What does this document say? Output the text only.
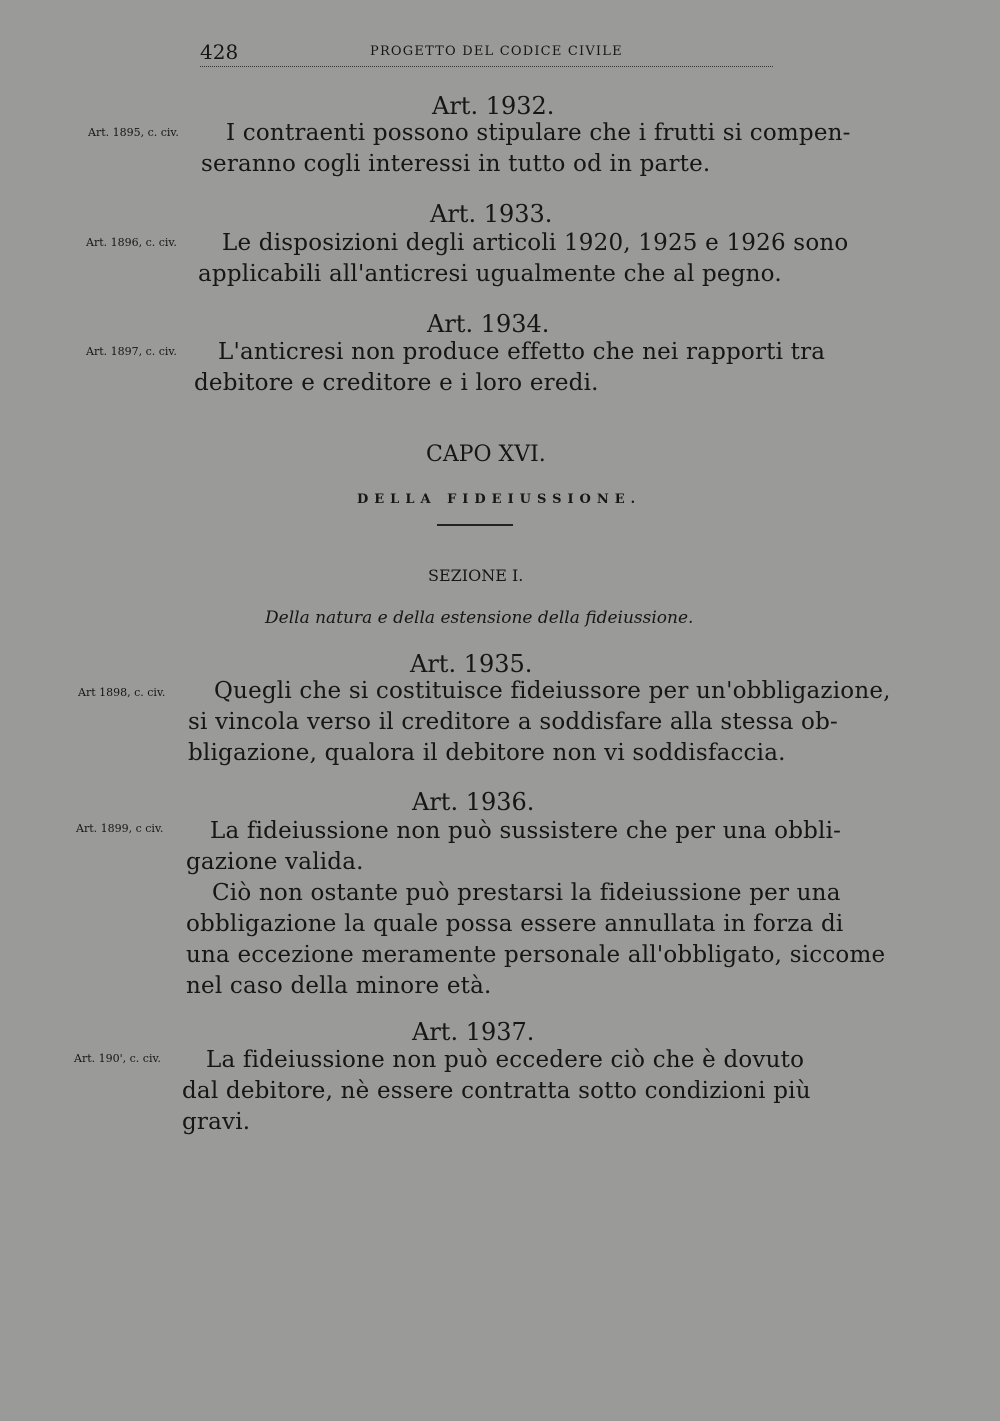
428	PROGETTO DEL CODICE CIVILE
Art. 1932.
Art. 1895, c. civ. I contraenti possono stipulare che i frutti si compen-
seranno cogli interessi in tutto od in parte.
Art. 1933.
Art. 1896, c. civ. Le disposizioni degli articoli 1920, 1925 e 1926 sono
applicabili all'anticresi ugualmente che al pegno.
Art. 1934.
Art. 1897, c. civ. L'anticresi non produce effetto che nei rapporti tra
debitore e creditore e i loro eredi.
CAPO XVI.
DELLA FIDEIUSSIONE.
SEZIONE I.
Della natura e della estensione della fideiussione.
Art. 1935.
Art 1898, c. civ. Quegli che si costituisce fideiussore per un'obbligazione,
si vincola verso il creditore a soddisfare alla stessa ob-
bligazione, qualora il debitore non vi soddisfaccia.
Art. 1936.
Art. 1899, c civ. La fideiussione non può sussistere che per una obbli-
gazione valida.
Ciò non ostante può prestarsi la fideiussione per una
obbligazione la quale possa essere annullata in forza di
una eccezione meramente personale all'obbligato, siccome
nel caso della minore età.
Art. 1937.
Art. 190', c. civ. La fideiussione non può eccedere ciò che è dovuto
dal debitore, nè essere contratta sotto condizioni più
gravi.
